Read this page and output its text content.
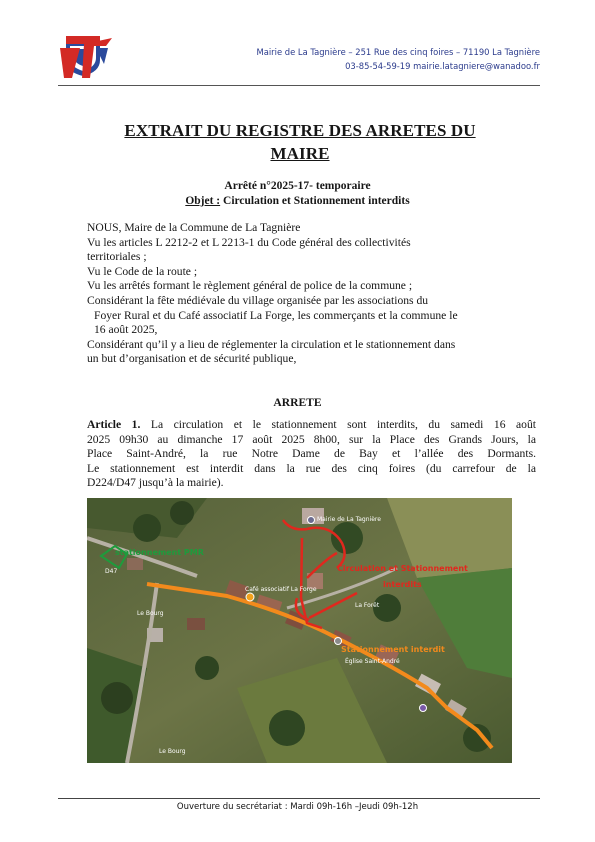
Mairie de La Tagnière – 251 Rue des cinq foires – 71190 La Tagnière
03-85-54-59-19 mairie.latagniere@wanadoo.fr
EXTRAIT DU REGISTRE DES ARRETES DU
MAIRE
Arrêté n°2025-17- temporaire
Objet : Circulation et Stationnement interdits
NOUS, Maire de la Commune de La Tagnière
Vu les articles L 2212-2 et L 2213-1 du Code général des collectivités
territoriales ;
Vu le Code de la route ;
Vu les arrêtés formant le règlement général de police de la commune ;
Considérant la fête médiévale du village organisée par les associations du
Foyer Rural et du Café associatif La Forge, les commerçants et la commune le
16 août 2025,
Considérant qu’il y a lieu de réglementer la circulation et le stationnement dans
un but d’organisation et de sécurité publique,
ARRETE
Article 1. La circulation et le stationnement sont interdits, du samedi 16 août
2025 09h30 au dimanche 17 août 2025 8h00, sur la Place des Grands Jours, la
Place Saint-André, la rue Notre Dame de Bay et l’allée des Dormants.
Le stationnement est interdit dans la rue des cinq foires (du carrefour de la
D224/D47 jusqu’à la mairie).
stationnement PMR
Circulation et Stationnement
interdits
Stationnement interdit
Mairie de La Tagnière
Église Saint-André
Café associatif La Forge
D47
Le Bourg
Le Bourg
La Forêt
Ouverture du secrétariat : Mardi 09h-16h –Jeudi 09h-12h
